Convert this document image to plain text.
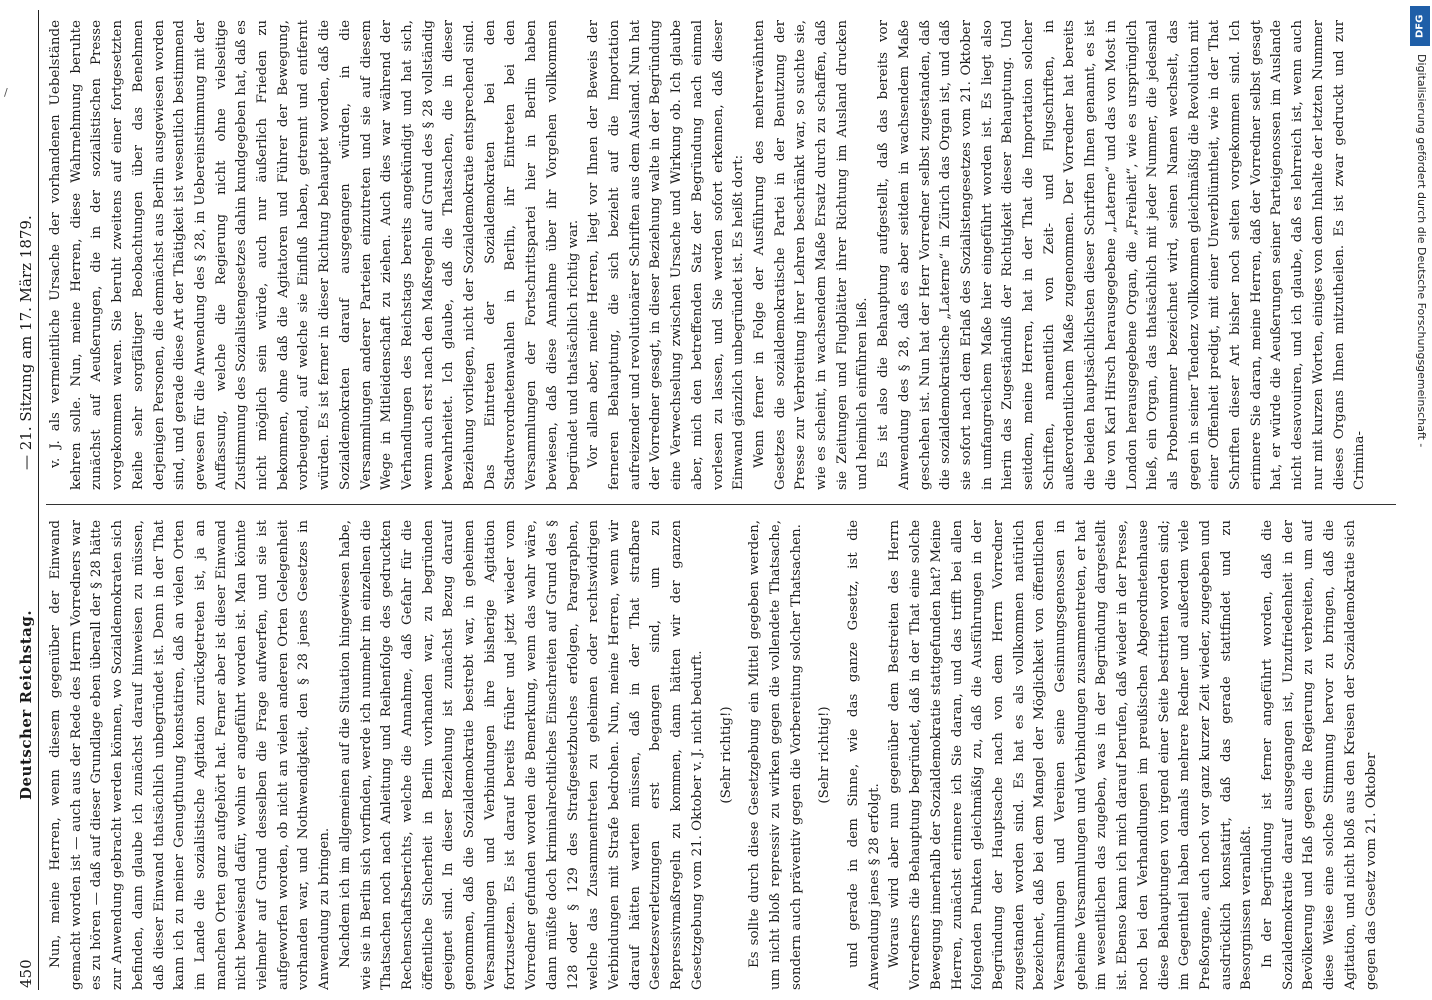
450
Deutscher Reichstag.
— 21. Sitzung am 17. März 1879.

Nun, meine Herren, wenn diesem gegenüber der Einwand gemacht worden ist — auch aus der Rede des Herrn Vorredners war es zu hören — daß auf dieser Grundlage eben überall der § 28 hätte zur Anwendung gebracht werden können, wo Sozialdemokraten sich befinden, dann glaube ich zunächst darauf hinweisen zu müssen, daß dieser Einwand thatsächlich unbegründet ist. Denn in der That kann ich zu meiner Genugthuung konstatiren, daß an vielen Orten im Lande die sozialistische Agitation zurückgetreten ist, ja an manchen Orten ganz aufgehört hat. Ferner aber ist dieser Einwand nicht beweisend dafür, wohin er angeführt worden ist. Man könnte vielmehr auf Grund desselben die Frage aufwerfen, und sie ist aufgeworfen worden, ob nicht an vielen anderen Orten Gelegenheit vorhanden war, und Nothwendigkeit, den § 28 jenes Gesetzes in Anwendung zu bringen. Nachdem ich im allgemeinen auf die Situation hingewiesen habe, wie sie in Berlin sich vorfinden, werde ich nunmehr im einzelnen die Thatsachen noch nach Anleitung und Reihenfolge des gedruckten Rechenschaftsberichts, welche die Annahme, daß Gefahr für die öffentliche Sicherheit in Berlin vorhanden war, zu begründen geeignet sind. In dieser Beziehung ist zunächst Bezug darauf genommen, daß die Sozialdemokratie bestrebt war, in geheimen Versammlungen und Verbindungen ihre bisherige Agitation fortzusetzen. Es ist darauf bereits früher und jetzt wieder vom Vorredner gefunden worden die Bemerkung, wenn das wahr wäre, dann müßte doch kriminalrechtliches Einschreiten auf Grund des § 128 oder § 129 des Strafgesetzbuches erfolgen, Paragraphen, welche das Zusammentreten zu geheimen oder rechtswidrigen Verbindungen mit Strafe bedrohen. Nun, meine Herren, wenn wir darauf hätten warten müssen, daß in der That strafbare Gesetzesverletzungen erst begangen sind, um zu Repressivmaßregeln zu kommen, dann hätten wir der ganzen Gesetzgebung vom 21. Oktober v. J. nicht bedurft. (Sehr richtig!) Es sollte durch diese Gesetzgebung ein Mittel gegeben werden, um nicht bloß repressiv zu wirken gegen die vollendete Thatsache, sondern auch präventiv gegen die Vorbereitung solcher Thatsachen. (Sehr richtig!) und gerade in dem Sinne, wie das ganze Gesetz, ist die Anwendung jenes § 28 erfolgt. Woraus wird aber nun gegenüber dem Bestreiten des Herrn Vorredners die Behauptung begründet, daß in der That eine solche Bewegung innerhalb der Sozialdemokratie stattgefunden hat? Meine Herren, zunächst erinnere ich Sie daran, und das trifft bei allen folgenden Punkten gleichmäßig zu, daß die Ausführungen in der Begründung der Hauptsache nach von dem Herrn Vorredner zugestanden worden sind. Es hat es als vollkommen natürlich bezeichnet, daß bei dem Mangel der Möglichkeit von öffentlichen Versammlungen und Vereinen seine Gesinnungsgenossen in geheime Versammlungen und Verbindungen zusammentreten, er hat im wesentlichen das zugeben, was in der Begründung dargestellt ist. Ebenso kann ich mich darauf berufen, daß wieder in der Presse, noch bei den Verhandlungen im preußischen Abgeordnetenhause diese Behauptungen von irgend einer Seite bestritten worden sind; im Gegentheil haben damals mehrere Redner und außerdem viele Preßorgane, auch noch vor ganz kurzer Zeit wieder, zugegeben und ausdrücklich konstatirt, daß das gerade stattfindet und zu Besorgnissen veranlaßt. In der Begründung ist ferner angeführt worden, daß die Sozialdemokratie darauf ausgegangen ist, Unzufriedenheit in der Bevölkerung und Haß gegen die Regierung zu verbreiten, um auf diese Weise eine solche Stimmung hervor zu bringen, daß die Agitation, und nicht bloß aus den Kreisen der Sozialdemokratie sich gegen das Gesetz vom 21. Oktober

v. J. als vermeintliche Ursache der vorhandenen Uebelstände kehren solle. Nun, meine Herren, diese Wahrnehmung beruhte zunächst auf Aeußerungen, die in der sozialistischen Presse vorgekommen waren. Sie beruht zweitens auf einer fortgesetzten Reihe sehr sorgfältiger Beobachtungen über das Benehmen derjenigen Personen, die demnächst aus Berlin ausgewiesen worden sind, und gerade diese Art der Thätigkeit ist wesentlich bestimmend gewesen für die Anwendung des § 28, in Uebereinstimmung mit der Auffassung, welche die Regierung nicht ohne vielseitige Zustimmung des Sozialistengesetzes dahin kundgegeben hat, daß es nicht möglich sein würde, auch nur äußerlich Frieden zu bekommen, ohne daß die Agitatoren und Führer der Bewegung, vorbeugend, auf welche sie Einfluß haben, getrennt und entfernt würden. Es ist ferner in dieser Richtung behauptet worden, daß die Sozialdemokraten darauf ausgegangen würden, in die Versammlungen anderer Parteien einzutreten und sie auf diesem Wege in Mitleidenschaft zu ziehen. Auch dies war während der Verhandlungen des Reichstags bereits angekündigt und hat sich, wenn auch erst nach den Maßregeln auf Grund des § 28 vollständig bewahrheitet. Ich glaube, daß die Thatsachen, die in dieser Beziehung vorliegen, nicht der Sozialdemokratie entsprechend sind. Das Eintreten der Sozialdemokraten bei den Stadtverordnetenwahlen in Berlin, ihr Eintreten bei den Versammlungen der Fortschrittspartei hier in Berlin haben bewiesen, daß diese Annahme über ihr Vorgehen vollkommen begründet und thatsächlich richtig war. Vor allem aber, meine Herren, liegt vor Ihnen der Beweis der ferneren Behauptung, die sich bezieht auf die Importation aufreizender und revolutionärer Schriften aus dem Ausland. Nun hat der Vorredner gesagt, in dieser Beziehung walte in der Begründung eine Verwechselung zwischen Ursache und Wirkung ob. Ich glaube aber, mich den betreffenden Satz der Begründung nach einmal vorlesen zu lassen, und Sie werden sofort erkennen, daß dieser Einwand gänzlich unbegründet ist. Es heißt dort: Wenn ferner in Folge der Ausführung des mehrerwähnten Gesetzes die sozialdemokratische Partei in der Benutzung der Presse zur Verbreitung ihrer Lehren beschränkt war, so suchte sie, wie es scheint, in wachsendem Maße Ersatz durch zu schaffen, daß sie Zeitungen und Flugblätter ihrer Richtung im Ausland drucken und heimlich einführen ließ. Es ist also die Behauptung aufgestellt, daß das bereits vor Anwendung des § 28, daß es aber seitdem in wachsendem Maße geschehen ist. Nun hat der Herr Vorredner selbst zugestanden, daß die sozialdemokratische „Laterne“ in Zürich das Organ ist, und daß sie sofort nach dem Erlaß des Sozialistengesetzes vom 21. Oktober in umfangreichem Maße hier eingeführt worden ist. Es liegt also hierin das Zugeständniß der Richtigkeit dieser Behauptung. Und seitdem, meine Herren, hat in der That die Importation solcher Schriften, namentlich von Zeit- und Flugschriften, in außerordentlichem Maße zugenommen. Der Vorredner hat bereits die beiden hauptsächlichsten dieser Schriften Ihnen genannt, es ist die von Karl Hirsch herausgegebene „Laterne“ und das von Most in London herausgegebene Organ, die „Freiheit“, wie es ursprünglich hieß, ein Organ, das thatsächlich mit jeder Nummer, die jedesmal als Probenummer bezeichnet wird, seinen Namen wechselt, das gegen in seiner Tendenz vollkommen gleichmäßig die Revolution mit einer Offenheit predigt, mit einer Unverblümtheit, wie in der That Schriften dieser Art bisher noch selten vorgekommen sind. Ich erinnere Sie daran, meine Herren, daß der Vorredner selbst gesagt hat, er würde die Aeußerungen seiner Parteigenossen im Auslande nicht desavouiren, und ich glaube, daß es lehrreich ist, wenn auch nur mit kurzen Worten, einiges von dem Inhalte der letzten Nummer dieses Organs Ihnen mitzutheilen. Es ist zwar gedruckt und zur Crimina-

DFG
Digitalisierung gefördert durch die Deutsche Forschungsgemeinschaft -
/
